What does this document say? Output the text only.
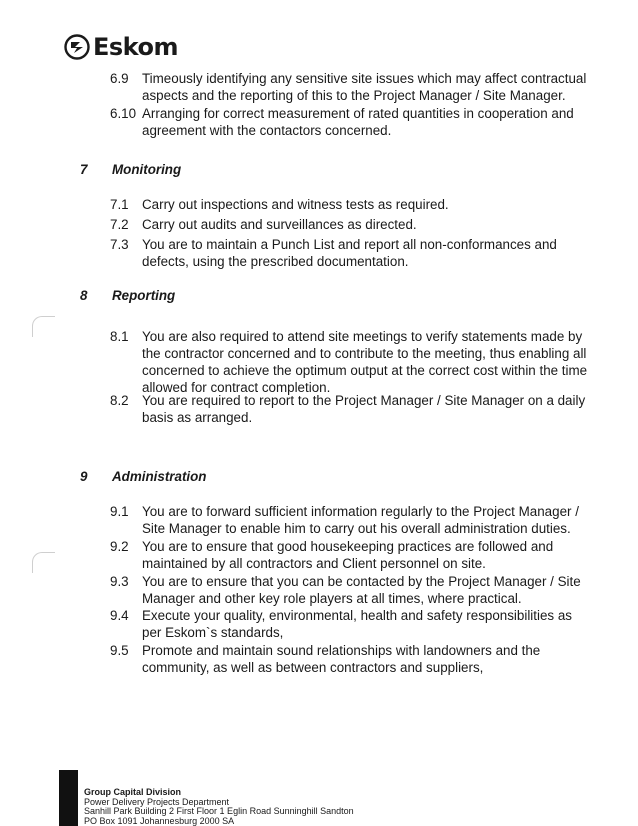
Eskom
6.9 Timeously identifying any sensitive site issues which may affect contractual aspects and the reporting of this to the Project Manager / Site Manager.
6.10 Arranging for correct measurement of rated quantities in cooperation and agreement with the contactors concerned.
7 Monitoring
7.1 Carry out inspections and witness tests as required.
7.2 Carry out audits and surveillances as directed.
7.3 You are to maintain a Punch List and report all non-conformances and defects, using the prescribed documentation.
8 Reporting
8.1 You are also required to attend site meetings to verify statements made by the contractor concerned and to contribute to the meeting, thus enabling all concerned to achieve the optimum output at the correct cost within the time allowed for contract completion.
8.2 You are required to report to the Project Manager / Site Manager on a daily basis as arranged.
9 Administration
9.1 You are to forward sufficient information regularly to the Project Manager / Site Manager to enable him to carry out his overall administration duties.
9.2 You are to ensure that good housekeeping practices are followed and maintained by all contractors and Client personnel on site.
9.3 You are to ensure that you can be contacted by the Project Manager / Site Manager and other key role players at all times, where practical.
9.4 Execute your quality, environmental, health and safety responsibilities as per Eskom`s standards,
9.5 Promote and maintain sound relationships with landowners and the community, as well as between contractors and suppliers,
Group Capital Division
Power Delivery Projects Department
Sanhill Park Building 2 First Floor 1 Eglin Road Sunninghill Sandton
PO Box 1091 Johannesburg 2000 SA
